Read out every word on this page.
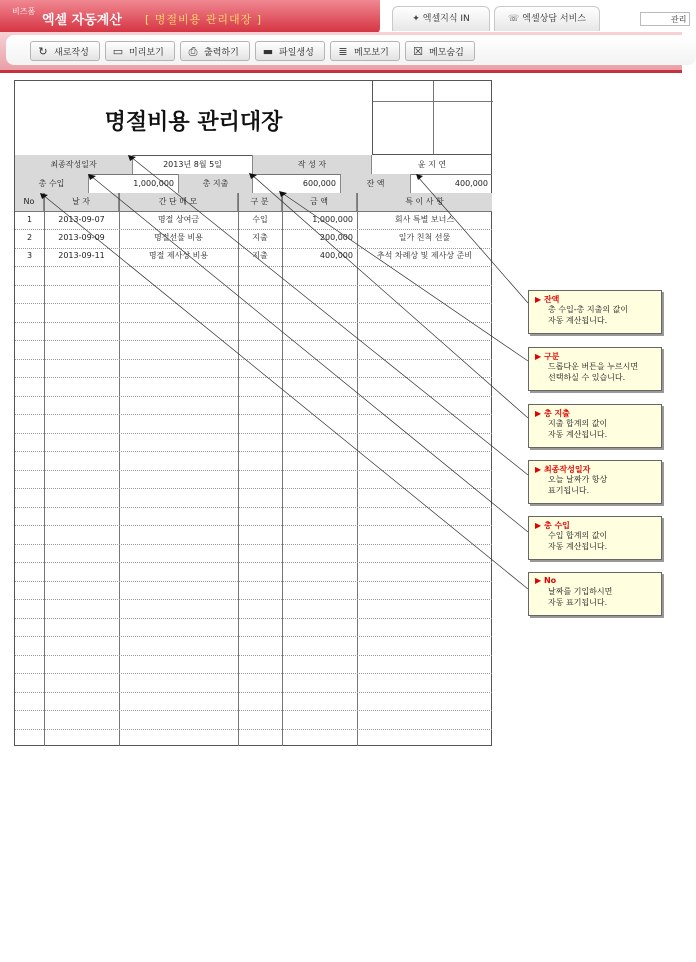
비즈폼
엑셀 자동계산 [ 명절비용 관리대장 ]	✦ 엑셀지식 IN	☏ 엑셀상담 서비스	관리
↻ 새로작성	▭ 미리보기	⎙ 출력하기	▬ 파일생성	≣ 메모보기	☒ 메모숨김
명절비용 관리대장
최종작성일자	2013년 8월 5일	작 성 자	윤 지 연
총 수입	1,000,000	총 지출	600,000	잔 액	400,000
No	날 자	간 단 메 모	구 분	금 액	특 이 사 항
1	2013-09-07	명절 상여금	수입	1,000,000	회사 특별 보너스
2	2013-09-09	명절선물 비용	지출	200,000	일가 친척 선물
3	2013-09-11	명절 제사상 비용	지출	400,000	추석 차례상 및 제사상 준비
▶ 잔액
총 수입-총 지출의 값이
자동 계산됩니다.
▶ 구분
드롭다운 버튼을 누르시면
선택하실 수 있습니다.
▶ 총 지출
지출 합계의 값이
자동 계산됩니다.
▶ 최종작성일자
오늘 날짜가 항상
표기됩니다.
▶ 총 수입
수입 합계의 값이
자동 계산됩니다.
▶ No
날짜를 기입하시면
자동 표기됩니다.
